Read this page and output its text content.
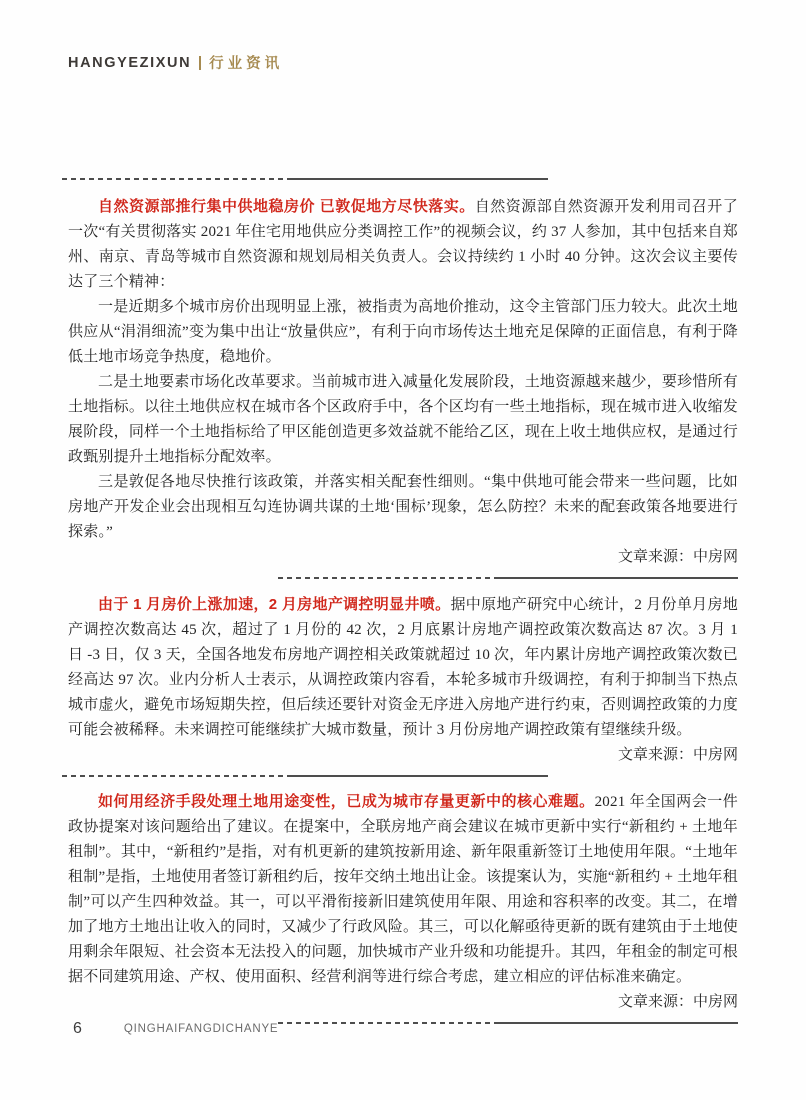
HANGYEZIXUN 行业资讯

自然资源部推行集中供地稳房价 已敦促地方尽快落实。自然资源部自然资源开发利用司召开了一次“有关贯彻落实 2021 年住宅用地供应分类调控工作”的视频会议，约 37 人参加，其中包括来自郑州、南京、青岛等城市自然资源和规划局相关负责人。会议持续约 1 小时 40 分钟。这次会议主要传达了三个精神：

一是近期多个城市房价出现明显上涨，被指责为高地价推动，这令主管部门压力较大。此次土地供应从“涓涓细流”变为集中出让“放量供应”，有利于向市场传达土地充足保障的正面信息，有利于降低土地市场竞争热度，稳地价。

二是土地要素市场化改革要求。当前城市进入减量化发展阶段，土地资源越来越少，要珍惜所有土地指标。以往土地供应权在城市各个区政府手中，各个区均有一些土地指标，现在城市进入收缩发展阶段，同样一个土地指标给了甲区能创造更多效益就不能给乙区，现在上收土地供应权，是通过行政甄别提升土地指标分配效率。

三是敦促各地尽快推行该政策，并落实相关配套性细则。“集中供地可能会带来一些问题，比如房地产开发企业会出现相互勾连协调共谋的土地‘围标’现象，怎么防控？未来的配套政策各地要进行探索。”

文章来源：中房网

由于 1 月房价上涨加速，2 月房地产调控明显井喷。据中原地产研究中心统计，2 月份单月房地产调控次数高达 45 次，超过了 1 月份的 42 次，2 月底累计房地产调控政策次数高达 87 次。3 月 1 日 -3 日，仅 3 天，全国各地发布房地产调控相关政策就超过 10 次，年内累计房地产调控政策次数已经高达 97 次。业内分析人士表示，从调控政策内容看，本轮多城市升级调控，有利于抑制当下热点城市虚火，避免市场短期失控，但后续还要针对资金无序进入房地产进行约束，否则调控政策的力度可能会被稀释。未来调控可能继续扩大城市数量，预计 3 月份房地产调控政策有望继续升级。

文章来源：中房网

如何用经济手段处理土地用途变性，已成为城市存量更新中的核心难题。2021 年全国两会一件政协提案对该问题给出了建议。在提案中，全联房地产商会建议在城市更新中实行“新租约 + 土地年租制”。其中，“新租约”是指，对有机更新的建筑按新用途、新年限重新签订土地使用年限。“土地年租制”是指，土地使用者签订新租约后，按年交纳土地出让金。该提案认为，实施“新租约 + 土地年租制”可以产生四种效益。其一，可以平滑衔接新旧建筑使用年限、用途和容积率的改变。其二，在增加了地方土地出让收入的同时，又减少了行政风险。其三，可以化解亟待更新的既有建筑由于土地使用剩余年限短、社会资本无法投入的问题，加快城市产业升级和功能提升。其四，年租金的制定可根据不同建筑用途、产权、使用面积、经营利润等进行综合考虑，建立相应的评估标准来确定。

文章来源：中房网

6	QINGHAIFANGDICHANYE
